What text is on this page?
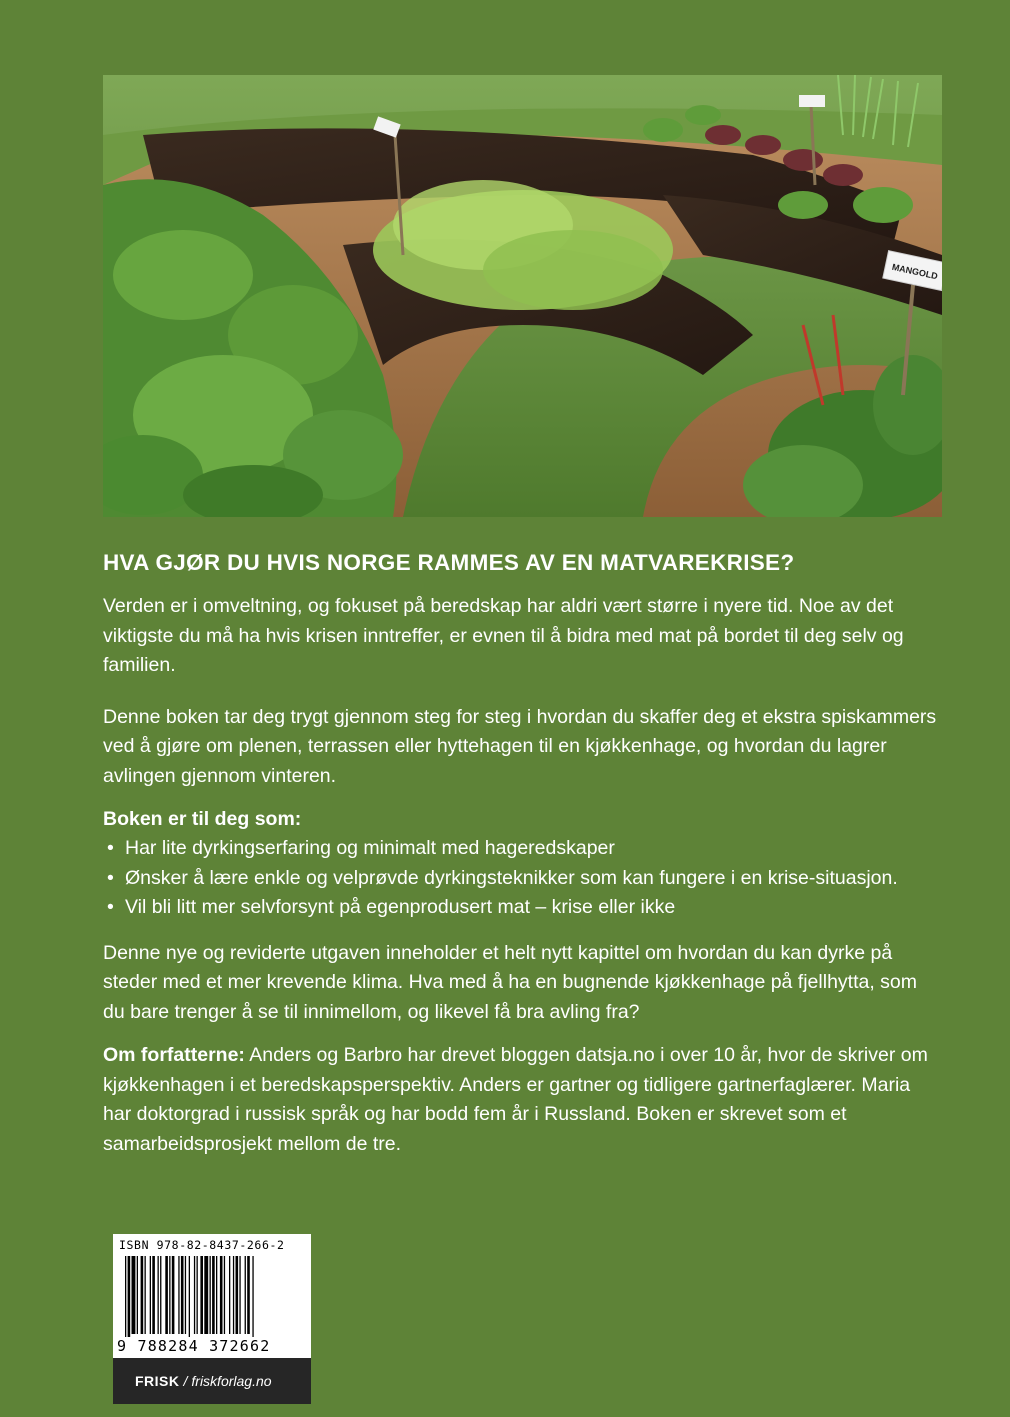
MANGOLD
HVA GJØR DU HVIS NORGE RAMMES AV EN MATVAREKRISE?

Verden er i omveltning, og fokuset på beredskap har aldri vært større i nyere tid. Noe av det viktigste du må ha hvis krisen inntreffer, er evnen til å bidra med mat på bordet til deg selv og familien.

Denne boken tar deg trygt gjennom steg for steg i hvordan du skaffer deg et ekstra spiskammers ved å gjøre om plenen, terrassen eller hyttehagen til en kjøkkenhage, og hvordan du lagrer avlingen gjennom vinteren.

Boken er til deg som:
• Har lite dyrkingserfaring og minimalt med hageredskaper
• Ønsker å lære enkle og velprøvde dyrkingsteknikker som kan fungere i en krise-situasjon.
• Vil bli litt mer selvforsynt på egenprodusert mat – krise eller ikke

Denne nye og reviderte utgaven inneholder et helt nytt kapittel om hvordan du kan dyrke på steder med et mer krevende klima. Hva med å ha en bugnende kjøkkenhage på fjellhytta, som du bare trenger å se til innimellom, og likevel få bra avling fra?

Om forfatterne: Anders og Barbro har drevet bloggen datsja.no i over 10 år, hvor de skriver om kjøkkenhagen i et beredskapsperspektiv. Anders er gartner og tidligere gartnerfaglærer. Maria har doktorgrad i russisk språk og har bodd fem år i Russland. Boken er skrevet som et samarbeidsprosjekt mellom de tre.

ISBN 978-82-8437-266-2
9 788284 372662
FRISK / friskforlag.no
